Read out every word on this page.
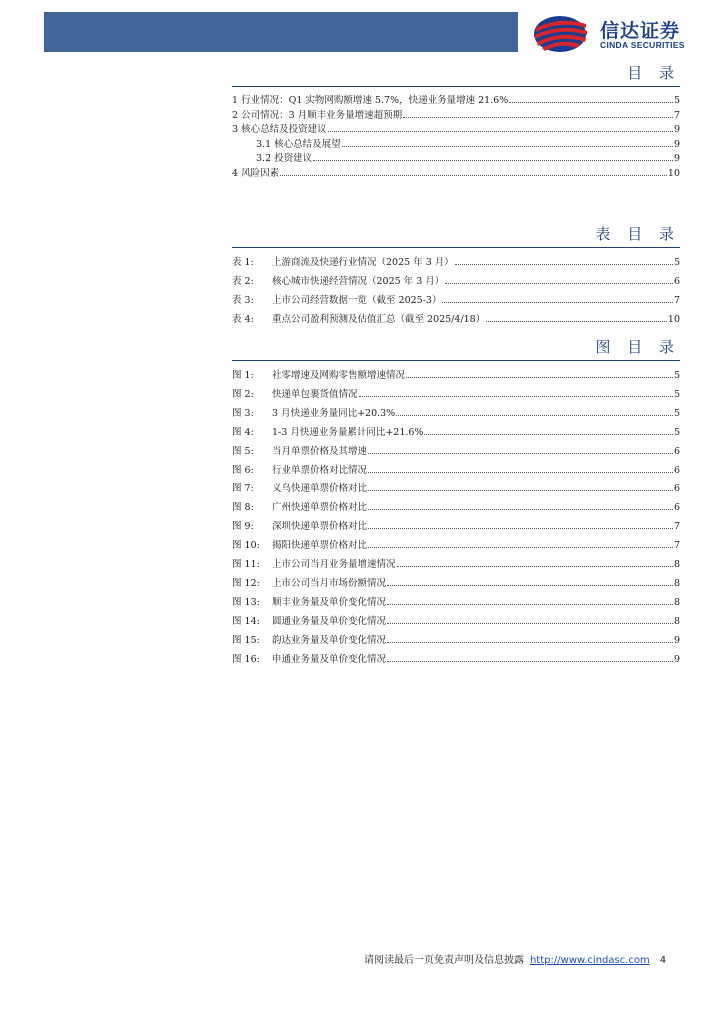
信达证券
CINDA SECURITIES
目 录
1 行业情况：Q1 实物网购额增速 5.7%，快递业务量增速 21.6%	5
2 公司情况：3 月顺丰业务量增速超预期	7
3 核心总结及投资建议	9
3.1 核心总结及展望	9
3.2 投资建议	9
4 风险因素	10
表 目 录
表 1: 上游商流及快递行业情况（2025 年 3 月）	5
表 2: 核心城市快递经营情况（2025 年 3 月）	6
表 3: 上市公司经营数据一览（截至 2025-3）	7
表 4: 重点公司盈利预测及估值汇总（截至 2025/4/18）	10
图 目 录
图 1: 社零增速及网购零售额增速情况	5
图 2: 快递单包裹货值情况	5
图 3: 3 月快递业务量同比+20.3%	5
图 4: 1-3 月快递业务量累计同比+21.6%	5
图 5: 当月单票价格及其增速	6
图 6: 行业单票价格对比情况	6
图 7: 义乌快递单票价格对比	6
图 8: 广州快递单票价格对比	6
图 9: 深圳快递单票价格对比	7
图 10: 揭阳快递单票价格对比	7
图 11: 上市公司当月业务量增速情况	8
图 12: 上市公司当月市场份额情况	8
图 13: 顺丰业务量及单价变化情况	8
图 14: 圆通业务量及单价变化情况	8
图 15: 韵达业务量及单价变化情况	9
图 16: 申通业务量及单价变化情况	9
请阅读最后一页免责声明及信息披露 http://www.cindasc.com 4
